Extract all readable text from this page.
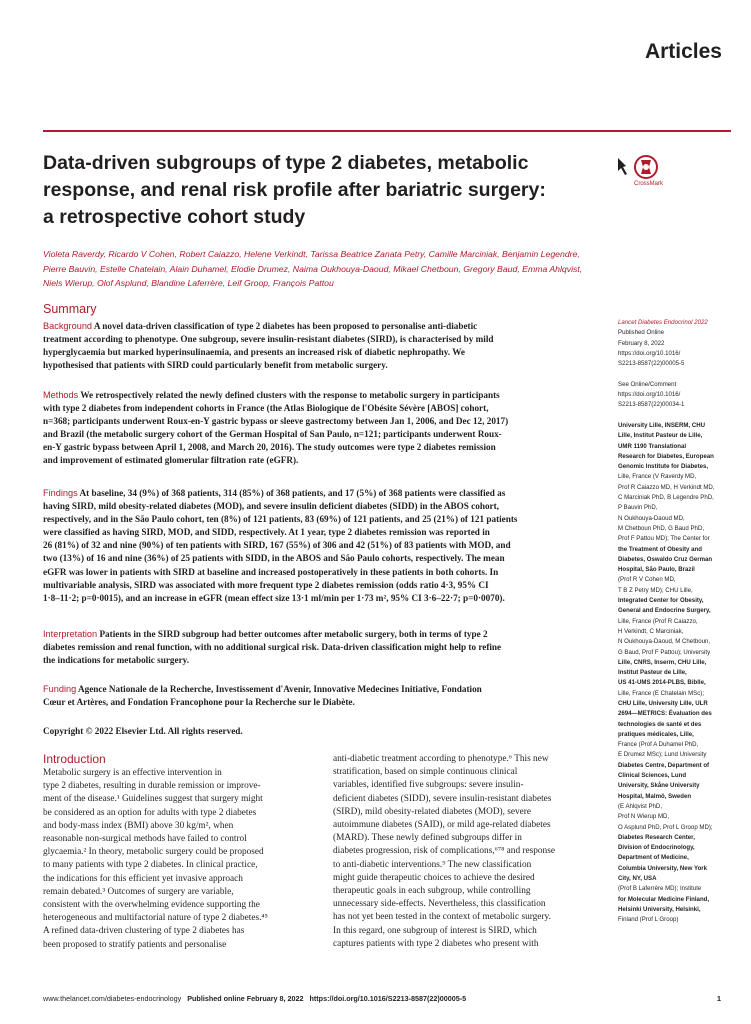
Articles
Data-driven subgroups of type 2 diabetes, metabolic
response, and renal risk profile after bariatric surgery:
a retrospective cohort study
CrossMark
Violeta Raverdy, Ricardo V Cohen, Robert Caiazzo, Helene Verkindt, Tarissa Beatrice Zanata Petry, Camille Marciniak, Benjamin Legendre,
Pierre Bauvin, Estelle Chatelain, Alain Duhamel, Elodie Drumez, Naima Oukhouya-Daoud, Mikael Chetboun, Gregory Baud, Emma Ahlqvist,
Niels Wierup, Olof Asplund, Blandine Laferrère, Leif Groop, François Pattou
Summary
Background A novel data-driven classification of type 2 diabetes has been proposed to personalise anti-diabetic
treatment according to phenotype. One subgroup, severe insulin-resistant diabetes (SIRD), is characterised by mild
hyperglycaemia but marked hyperinsulinaemia, and presents an increased risk of diabetic nephropathy. We
hypothesised that patients with SIRD could particularly benefit from metabolic surgery.
Methods We retrospectively related the newly defined clusters with the response to metabolic surgery in participants
with type 2 diabetes from independent cohorts in France (the Atlas Biologique de l'Obésite Sévère [ABOS] cohort,
n=368; participants underwent Roux-en-Y gastric bypass or sleeve gastrectomy between Jan 1, 2006, and Dec 12, 2017)
and Brazil (the metabolic surgery cohort of the German Hospital of San Paulo, n=121; participants underwent Roux-
en-Y gastric bypass between April 1, 2008, and March 20, 2016). The study outcomes were type 2 diabetes remission
and improvement of estimated glomerular filtration rate (eGFR).
Findings At baseline, 34 (9%) of 368 patients, 314 (85%) of 368 patients, and 17 (5%) of 368 patients were classified as
having SIRD, mild obesity-related diabetes (MOD), and severe insulin deficient diabetes (SIDD) in the ABOS cohort,
respectively, and in the São Paulo cohort, ten (8%) of 121 patients, 83 (69%) of 121 patients, and 25 (21%) of 121 patients
were classified as having SIRD, MOD, and SIDD, respectively. At 1 year, type 2 diabetes remission was reported in
26 (81%) of 32 and nine (90%) of ten patients with SIRD, 167 (55%) of 306 and 42 (51%) of 83 patients with MOD, and
two (13%) of 16 and nine (36%) of 25 patients with SIDD, in the ABOS and São Paulo cohorts, respectively. The mean
eGFR was lower in patients with SIRD at baseline and increased postoperatively in these patients in both cohorts. In
multivariable analysis, SIRD was associated with more frequent type 2 diabetes remission (odds ratio 4·3, 95% CI
1·8–11·2; p=0·0015), and an increase in eGFR (mean effect size 13·1 ml/min per 1·73 m², 95% CI 3·6–22·7; p=0·0070).
Interpretation Patients in the SIRD subgroup had better outcomes after metabolic surgery, both in terms of type 2
diabetes remission and renal function, with no additional surgical risk. Data-driven classification might help to refine
the indications for metabolic surgery.
Funding Agence Nationale de la Recherche, Investissement d'Avenir, Innovative Medecines Initiative, Fondation
Cœur et Artères, and Fondation Francophone pour la Recherche sur le Diabète.
Copyright © 2022 Elsevier Ltd. All rights reserved.
Lancet Diabetes Endocrinol 2022
Published Online
February 8, 2022
https://doi.org/10.1016/
S2213-8587(22)00005-5

See Online/Comment
https://doi.org/10.1016/
S2213-8587(22)00034-1

University Lille, INSERM, CHU
Lille, Institut Pasteur de Lille,
UMR 1190 Translational
Research for Diabetes, European
Genomic Institute for Diabetes,
Lille, France (V Raverdy MD,
Prof R Caiazzo MD, H Verkindt MD,
C Marciniak PhD, B Legendre PhD,
P Bauvin PhD,
N Oukhouya-Daoud MD,
M Chetboun PhD, G Baud PhD,
Prof F Pattou MD); The Center for
the Treatment of Obesity and
Diabetes, Oswaldo Cruz German
Hospital, São Paulo, Brazil
(Prof R V Cohen MD,
T B Z Petry MD); CHU Lille,
Integrated Center for Obesity,
General and Endocrine Surgery,
Lille, France (Prof R Caiazzo,
H Verkindt, C Marciniak,
N Oukhouya-Daoud, M Chetboun,
G Baud, Prof F Pattou); University
Lille, CNRS, Inserm, CHU Lille,
Institut Pasteur de Lille,
US 41-UMS 2014-PLBS, Biblle,
Lille, France (E Chatelain MSc);
CHU Lille, University Lille, ULR
2694—METRICS: Évaluation des
technologies de santé et des
pratiques médicales, Lille,
France (Prof A Duhamel PhD,
E Drumez MSc); Lund University
Diabetes Centre, Department of
Clinical Sciences, Lund
University, Skåne University
Hospital, Malmö, Sweden
(E Ahlqvist PhD,
Prof N Wierup MD,
O Asplund PhD, Prof L Groop MD);
Diabetes Research Center,
Division of Endocrinology,
Department of Medicine,
Columbia University, New York
City, NY, USA
(Prof B Laferrère MD); Institute
for Molecular Medicine Finland,
Helsinki University, Helsinki,
Finland (Prof L Groop)
Introduction
Metabolic surgery is an effective intervention in
type 2 diabetes, resulting in durable remission or improve-
ment of the disease.¹ Guidelines suggest that surgery might
be considered as an option for adults with type 2 diabetes
and body-mass index (BMI) above 30 kg/m², when
reasonable non-surgical methods have failed to control
glycaemia.² In theory, metabolic surgery could be proposed
to many patients with type 2 diabetes. In clinical practice,
the indications for this efficient yet invasive approach
remain debated.³ Outcomes of surgery are variable,
consistent with the overwhelming evidence supporting the
heterogeneous and multifactorial nature of type 2 diabetes.⁴⁵
A refined data-driven clustering of type 2 diabetes has
been proposed to stratify patients and personalise
anti-diabetic treatment according to phenotype.⁶ This new
stratification, based on simple continuous clinical
variables, identified five subgroups: severe insulin-
deficient diabetes (SIDD), severe insulin-resistant diabetes
(SIRD), mild obesity-related diabetes (MOD), severe
autoimmune diabetes (SAID), or mild age-related diabetes
(MARD). These newly defined subgroups differ in
diabetes progression, risk of complications,⁶⁷⁸ and response
to anti-diabetic interventions.⁹ The new classification
might guide therapeutic choices to achieve the desired
therapeutic goals in each subgroup, while controlling
unnecessary side-effects. Nevertheless, this classification
has not yet been tested in the context of metabolic surgery.
In this regard, one subgroup of interest is SIRD, which
captures patients with type 2 diabetes who present with
www.thelancet.com/diabetes-endocrinology Published online February 8, 2022 https://doi.org/10.1016/S2213-8587(22)00005-5	1
